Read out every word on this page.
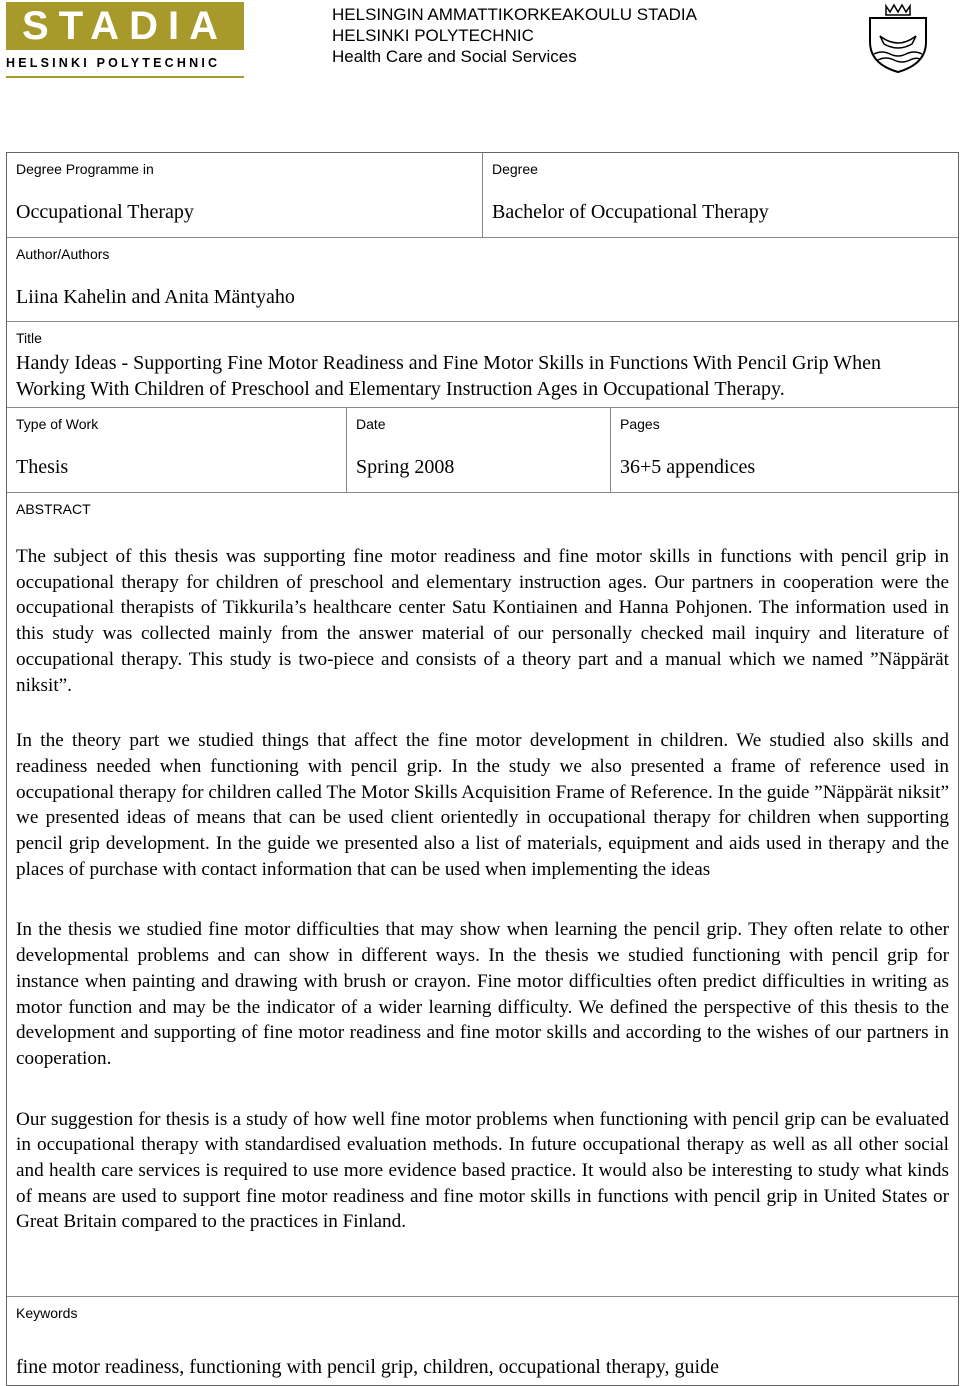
STADIA
HELSINKI POLYTECHNIC
HELSINGIN AMMATTIKORKEAKOULU STADIA
HELSINKI POLYTECHNIC
Health Care and Social Services
Degree Programme in
Occupational Therapy
Degree
Bachelor of Occupational Therapy
Author/Authors
Liina Kahelin and Anita Mäntyaho
Title
Handy Ideas - Supporting Fine Motor Readiness and Fine Motor Skills in Functions With Pencil Grip When Working With Children of Preschool and Elementary Instruction Ages in Occupational Therapy.
Type of Work
Thesis
Date
Spring 2008
Pages
36+5 appendices
ABSTRACT

The subject of this thesis was supporting fine motor readiness and fine motor skills in functions with pencil grip in occupational therapy for children of preschool and elementary instruction ages. Our partners in cooperation were the occupational therapists of Tikkurila’s healthcare center Satu Kontiainen and Hanna Pohjonen. The information used in this study was collected mainly from the answer material of our personally checked mail inquiry and literature of occupational therapy. This study is two-piece and consists of a theory part and a manual which we named ”Näppärät niksit”.

In the theory part we studied things that affect the fine motor development in children. We studied also skills and readiness needed when functioning with pencil grip. In the study we also presented a frame of reference used in occupational therapy for children called The Motor Skills Acquisition Frame of Reference. In the guide ”Näppärät niksit” we presented ideas of means that can be used client orientedly in occupational therapy for children when supporting pencil grip development. In the guide we presented also a list of materials, equipment and aids used in therapy and the places of purchase with contact information that can be used when implementing the ideas

In the thesis we studied fine motor difficulties that may show when learning the pencil grip. They often relate to other developmental problems and can show in different ways. In the thesis we studied functioning with pencil grip for instance when painting and drawing with brush or crayon. Fine motor difficulties often predict difficulties in writing as motor function and may be the indicator of a wider learning difficulty. We defined the perspective of this thesis to the development and supporting of fine motor readiness and fine motor skills and according to the wishes of our partners in cooperation.

Our suggestion for thesis is a study of how well fine motor problems when functioning with pencil grip can be evaluated in occupational therapy with standardised evaluation methods. In future occupational therapy as well as all other social and health care services is required to use more evidence based practice. It would also be interesting to study what kinds of means are used to support fine motor readiness and fine motor skills in functions with pencil grip in United States or Great Britain compared to the practices in Finland.

Keywords
fine motor readiness, functioning with pencil grip, children, occupational therapy, guide
